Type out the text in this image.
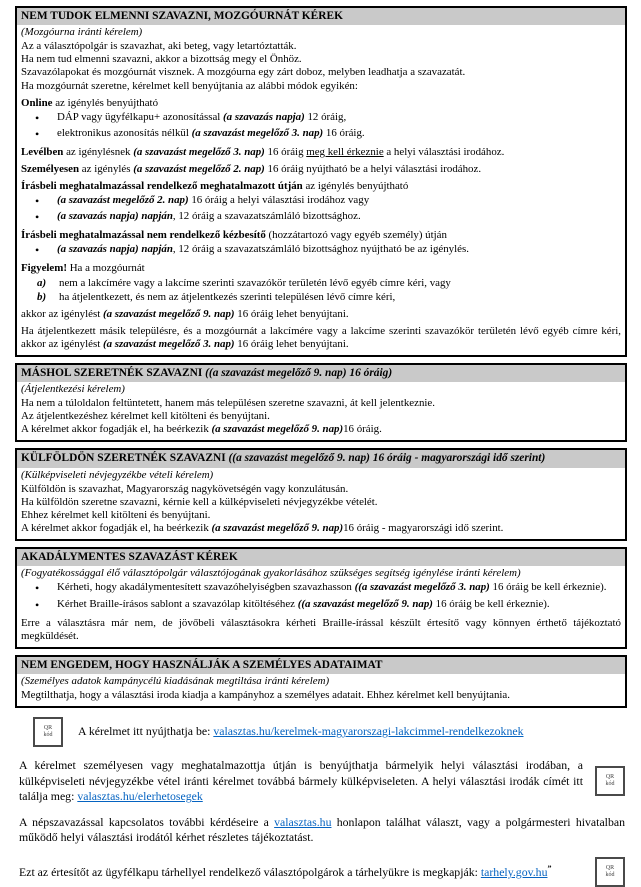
NEM TUDOK ELMENNI SZAVAZNI, MOZGÓURNÁT KÉREK
(Mozgóurna iránti kérelem)

Az a választópolgár is szavazhat, aki beteg, vagy letartóztatták.

Ha nem tud elmenni szavazni, akkor a bizottság megy el Önhöz.

Szavazólapokat és mozgóurnát visznek. A mozgóurna egy zárt doboz, melyben leadhatja a szavazatát.

Ha mozgóurnát szeretne, kérelmet kell benyújtania az alábbi módok egyikén:

Online az igénylés benyújtható

•
DÁP vagy ügyfélkapu+ azonosítással (a szavazás napja) 12 óráig,
•
elektronikus azonosítás nélkül (a szavazást megelőző 3. nap) 16 óráig.

Levélben az igénylésnek (a szavazást megelőző 3. nap) 16 óráig meg kell érkeznie a helyi választási irodához.

Személyesen az igénylés (a szavazást megelőző 2. nap) 16 óráig nyújtható be a helyi választási irodához.

Írásbeli meghatalmazással rendelkező meghatalmazott útján az igénylés benyújtható

•
(a szavazást megelőző 2. nap) 16 óráig a helyi választási irodához vagy
•
(a szavazás napja) napján, 12 óráig a szavazatszámláló bizottsághoz.

Írásbeli meghatalmazással nem rendelkező kézbesítő (hozzátartozó vagy egyéb személy) útján

•
(a szavazás napja) napján, 12 óráig a szavazatszámláló bizottsághoz nyújtható be az igénylés.

Figyelem! Ha a mozgóurnát

a)	nem a lakcímére vagy a lakcíme szerinti szavazókör területén lévő egyéb címre kéri, vagy
b)	ha átjelentkezett, és nem az átjelentkezés szerinti településen lévő címre kéri,

akkor az igénylést (a szavazást megelőző 9. nap) 16 óráig lehet benyújtani.

Ha átjelentkezett másik településre, és a mozgóurnát a lakcímére vagy a lakcíme szerinti szavazókör területén lévő egyéb címre kéri, akkor az igénylést (a szavazást megelőző 3. nap) 16 óráig lehet benyújtani.

MÁSHOL SZERETNÉK SZAVAZNI ((a szavazást megelőző 9. nap) 16 óráig)
(Átjelentkezési kérelem)

Ha nem a túloldalon feltüntetett, hanem más településen szeretne szavazni, át kell jelentkeznie.

Az átjelentkezéshez kérelmet kell kitölteni és benyújtani.

A kérelmet akkor fogadják el, ha beérkezik (a szavazást megelőző 9. nap)16 óráig.

KÜLFÖLDÖN SZERETNÉK SZAVAZNI ((a szavazást megelőző 9. nap) 16 óráig - magyarországi idő szerint)
(Külképviseleti névjegyzékbe vételi kérelem)

Külföldön is szavazhat, Magyarország nagykövetségén vagy konzulátusán.

Ha külföldön szeretne szavazni, kérnie kell a külképviseleti névjegyzékbe vételét.

Ehhez kérelmet kell kitölteni és benyújtani.

A kérelmet akkor fogadják el, ha beérkezik (a szavazást megelőző 9. nap)16 óráig - magyarországi idő szerint.

AKADÁLYMENTES SZAVAZÁST KÉREK
(Fogyatékossággal élő választópolgár választójogának gyakorlásához szükséges segítség igénylése iránti kérelem)
•
Kérheti, hogy akadálymentesített szavazóhelyiségben szavazhasson ((a szavazást megelőző 3. nap) 16 óráig be kell érkeznie).
•
Kérhet Braille-írásos sablont a szavazólap kitöltéséhez ((a szavazást megelőző 9. nap) 16 óráig be kell érkeznie).

Erre a választásra már nem, de jövőbeli választásokra kérheti Braille-írással készült értesítő vagy könnyen érthető tájékoztató megküldését.

NEM ENGEDEM, HOGY HASZNÁLJÁK A SZEMÉLYES ADATAIMAT
(Személyes adatok kampánycélú kiadásának megtiltása iránti kérelem)

Megtilthatja, hogy a választási iroda kiadja a kampányhoz a személyes adatait. Ehhez kérelmet kell benyújtania.

QR
kód A kérelmet itt nyújthatja be: valasztas.hu/kerelmek-magyarorszagi-lakcimmel-rendelkezoknek
A kérelmet személyesen vagy meghatalmazottja útján is benyújthatja bármelyik helyi választási irodában, a külképviseleti névjegyzékbe vétel iránti kérelmet továbbá bármely külképviseleten. A helyi választási irodák címét itt találja meg: valasztas.hu/elerhetosegek
QR
kód
A népszavazással kapcsolatos további kérdéseire a valasztas.hu honlapon találhat választ, vagy a polgármesteri hivatalban működő helyi választási irodától kérhet részletes tájékoztatást.
Ezt az értesítőt az ügyfélkapu tárhellyel rendelkező választópolgárok a tárhelyükre is megkapják: tarhely.gov.hu”	QR
kód
